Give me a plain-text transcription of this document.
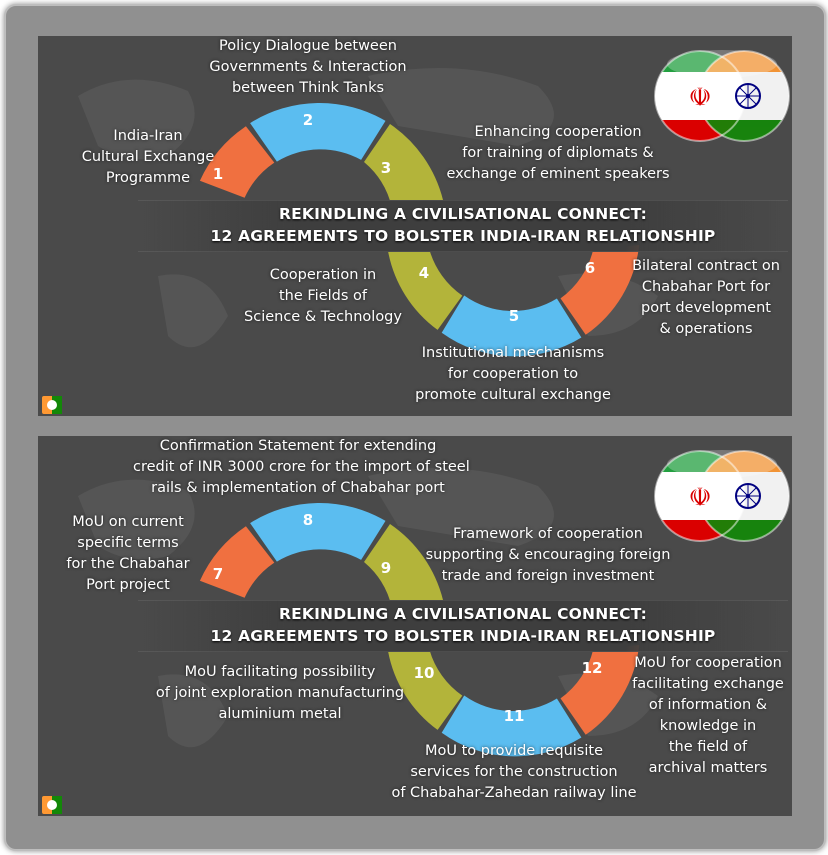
1
2
3
4
5
6
REKINDLING A CIVILISATIONAL CONNECT:
12 AGREEMENTS TO BOLSTER INDIA-IRAN RELATIONSHIP
India-Iran
Cultural Exchange
Programme
Policy Dialogue between
Governments & Interaction
between Think Tanks
Enhancing cooperation
for training of diplomats &
exchange of eminent speakers
Cooperation in
the Fields of
Science & Technology
Institutional mechanisms
for cooperation to
promote cultural exchange
Bilateral contract on
Chabahar Port for
port development
& operations
☫
7
8
9
10
11
12
REKINDLING A CIVILISATIONAL CONNECT:
12 AGREEMENTS TO BOLSTER INDIA-IRAN RELATIONSHIP
MoU on current
specific terms
for the Chabahar
Port project
Confirmation Statement for extending
credit of INR 3000 crore for the import of steel
rails & implementation of Chabahar port
Framework of cooperation
supporting & encouraging foreign
trade and foreign investment
MoU facilitating possibility
of joint exploration manufacturing
aluminium metal
MoU to provide requisite
services for the construction
of Chabahar-Zahedan railway line
MoU for cooperation
facilitating exchange
of information &
knowledge in
the field of
archival matters
☫
